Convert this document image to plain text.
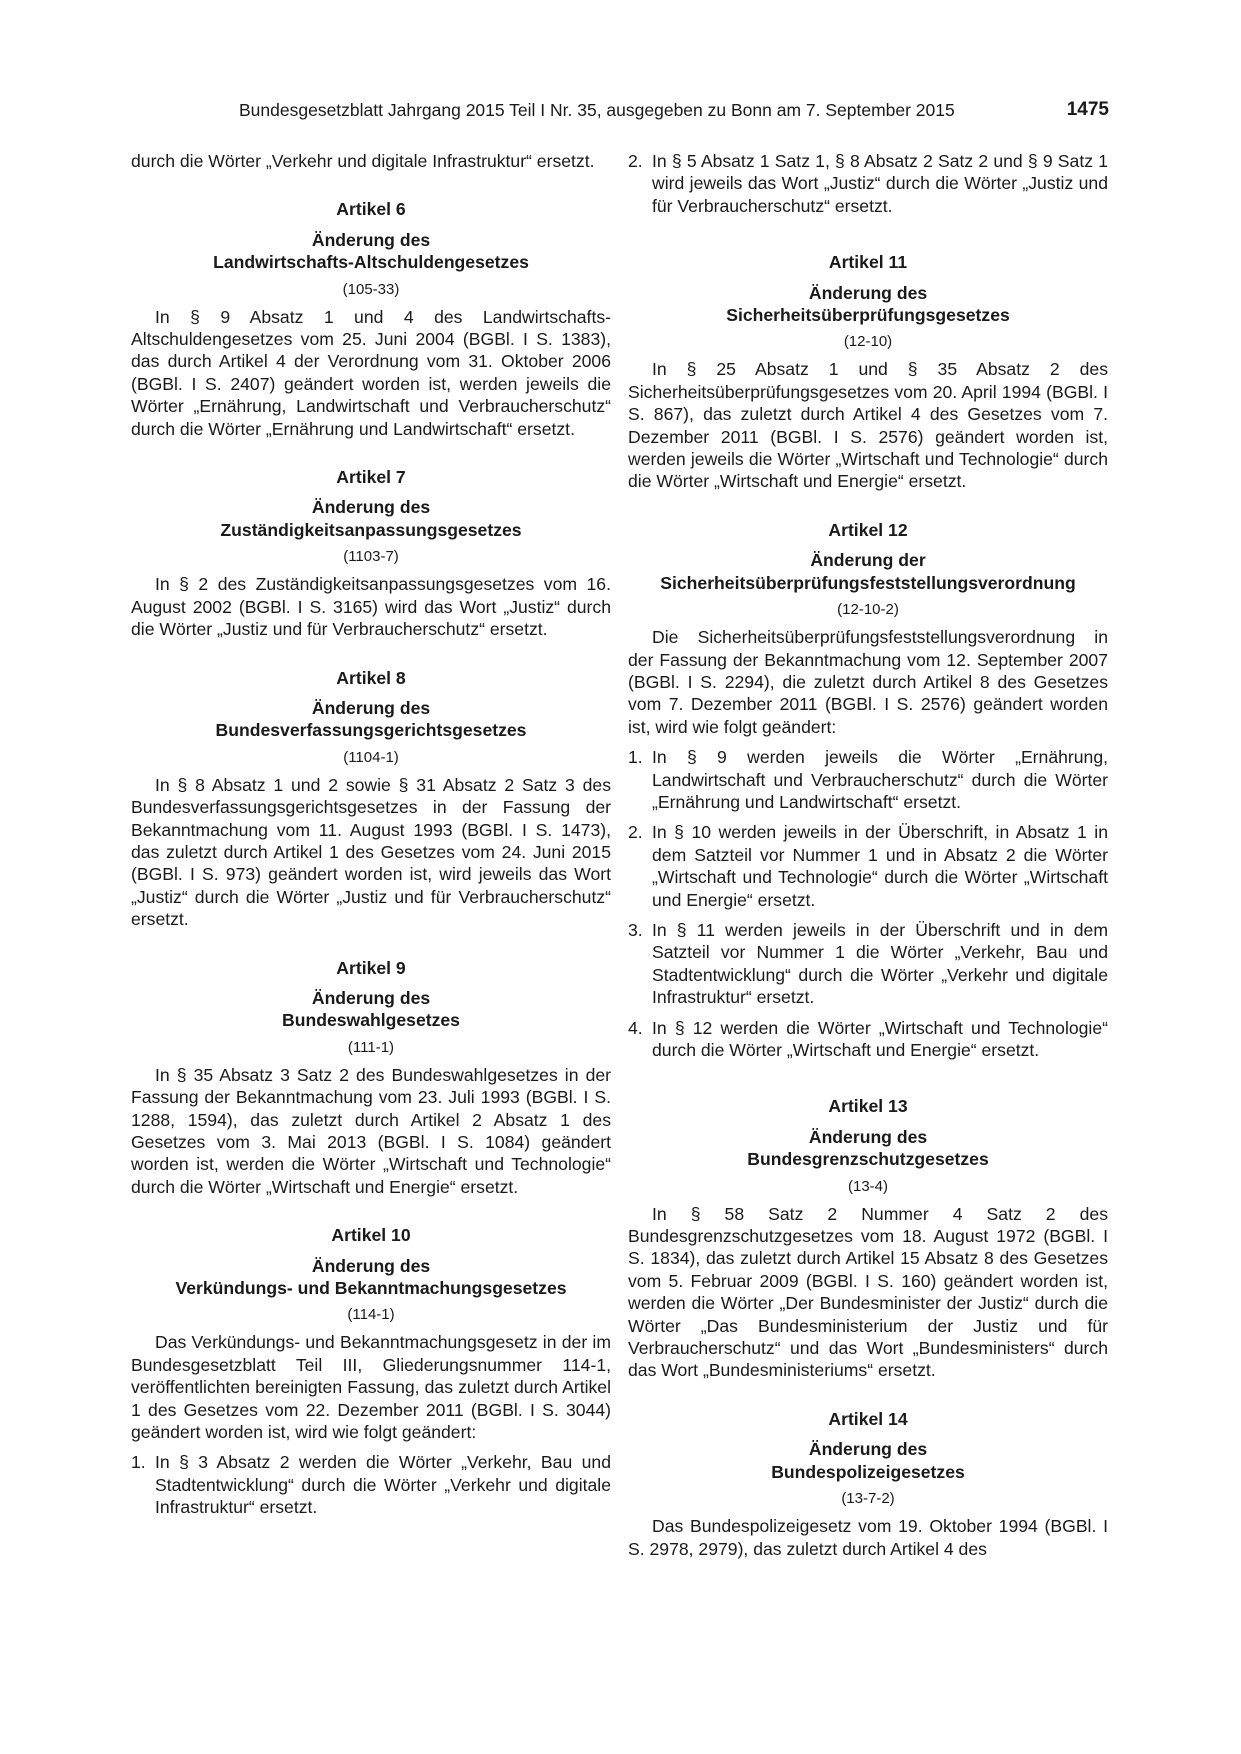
Bundesgesetzblatt Jahrgang 2015 Teil I Nr. 35, ausgegeben zu Bonn am 7. September 2015	1475

durch die Wörter „Verkehr und digitale Infrastruktur“ ersetzt.

Artikel 6
Änderung des
Landwirtschafts-Altschuldengesetzes
(105-33)

In § 9 Absatz 1 und 4 des Landwirtschafts-Altschuldengesetzes vom 25. Juni 2004 (BGBl. I S. 1383), das durch Artikel 4 der Verordnung vom 31. Oktober 2006 (BGBl. I S. 2407) geändert worden ist, werden jeweils die Wörter „Ernährung, Landwirtschaft und Verbraucherschutz“ durch die Wörter „Ernährung und Landwirtschaft“ ersetzt.

Artikel 7
Änderung des
Zuständigkeitsanpassungsgesetzes
(1103-7)

In § 2 des Zuständigkeitsanpassungsgesetzes vom 16. August 2002 (BGBl. I S. 3165) wird das Wort „Justiz“ durch die Wörter „Justiz und für Verbraucherschutz“ ersetzt.

Artikel 8
Änderung des
Bundesverfassungsgerichtsgesetzes
(1104-1)

In § 8 Absatz 1 und 2 sowie § 31 Absatz 2 Satz 3 des Bundesverfassungsgerichtsgesetzes in der Fassung der Bekanntmachung vom 11. August 1993 (BGBl. I S. 1473), das zuletzt durch Artikel 1 des Gesetzes vom 24. Juni 2015 (BGBl. I S. 973) geändert worden ist, wird jeweils das Wort „Justiz“ durch die Wörter „Justiz und für Verbraucherschutz“ ersetzt.

Artikel 9
Änderung des
Bundeswahlgesetzes
(111-1)

In § 35 Absatz 3 Satz 2 des Bundeswahlgesetzes in der Fassung der Bekanntmachung vom 23. Juli 1993 (BGBl. I S. 1288, 1594), das zuletzt durch Artikel 2 Absatz 1 des Gesetzes vom 3. Mai 2013 (BGBl. I S. 1084) geändert worden ist, werden die Wörter „Wirtschaft und Technologie“ durch die Wörter „Wirtschaft und Energie“ ersetzt.

Artikel 10
Änderung des
Verkündungs- und Bekanntmachungsgesetzes
(114-1)

Das Verkündungs- und Bekanntmachungsgesetz in der im Bundesgesetzblatt Teil III, Gliederungsnummer 114-1, veröffentlichten bereinigten Fassung, das zuletzt durch Artikel 1 des Gesetzes vom 22. Dezember 2011 (BGBl. I S. 3044) geändert worden ist, wird wie folgt geändert:

1. In § 3 Absatz 2 werden die Wörter „Verkehr, Bau und Stadtentwicklung“ durch die Wörter „Verkehr und digitale Infrastruktur“ ersetzt.
2. In § 5 Absatz 1 Satz 1, § 8 Absatz 2 Satz 2 und § 9 Satz 1 wird jeweils das Wort „Justiz“ durch die Wörter „Justiz und für Verbraucherschutz“ ersetzt.
Artikel 11
Änderung des
Sicherheitsüberprüfungsgesetzes
(12-10)

In § 25 Absatz 1 und § 35 Absatz 2 des Sicherheitsüberprüfungsgesetzes vom 20. April 1994 (BGBl. I S. 867), das zuletzt durch Artikel 4 des Gesetzes vom 7. Dezember 2011 (BGBl. I S. 2576) geändert worden ist, werden jeweils die Wörter „Wirtschaft und Technologie“ durch die Wörter „Wirtschaft und Energie“ ersetzt.

Artikel 12
Änderung der
Sicherheitsüberprüfungsfeststellungsverordnung
(12-10-2)

Die Sicherheitsüberprüfungsfeststellungsverordnung in der Fassung der Bekanntmachung vom 12. September 2007 (BGBl. I S. 2294), die zuletzt durch Artikel 8 des Gesetzes vom 7. Dezember 2011 (BGBl. I S. 2576) geändert worden ist, wird wie folgt geändert:

1. In § 9 werden jeweils die Wörter „Ernährung, Landwirtschaft und Verbraucherschutz“ durch die Wörter „Ernährung und Landwirtschaft“ ersetzt.
2. In § 10 werden jeweils in der Überschrift, in Absatz 1 in dem Satzteil vor Nummer 1 und in Absatz 2 die Wörter „Wirtschaft und Technologie“ durch die Wörter „Wirtschaft und Energie“ ersetzt.
3. In § 11 werden jeweils in der Überschrift und in dem Satzteil vor Nummer 1 die Wörter „Verkehr, Bau und Stadtentwicklung“ durch die Wörter „Verkehr und digitale Infrastruktur“ ersetzt.
4. In § 12 werden die Wörter „Wirtschaft und Technologie“ durch die Wörter „Wirtschaft und Energie“ ersetzt.
Artikel 13
Änderung des
Bundesgrenzschutzgesetzes
(13-4)

In § 58 Satz 2 Nummer 4 Satz 2 des Bundesgrenzschutzgesetzes vom 18. August 1972 (BGBl. I S. 1834), das zuletzt durch Artikel 15 Absatz 8 des Gesetzes vom 5. Februar 2009 (BGBl. I S. 160) geändert worden ist, werden die Wörter „Der Bundesminister der Justiz“ durch die Wörter „Das Bundesministerium der Justiz und für Verbraucherschutz“ und das Wort „Bundesministers“ durch das Wort „Bundesministeriums“ ersetzt.

Artikel 14
Änderung des
Bundespolizeigesetzes
(13-7-2)

Das Bundespolizeigesetz vom 19. Oktober 1994 (BGBl. I S. 2978, 2979), das zuletzt durch Artikel 4 des
